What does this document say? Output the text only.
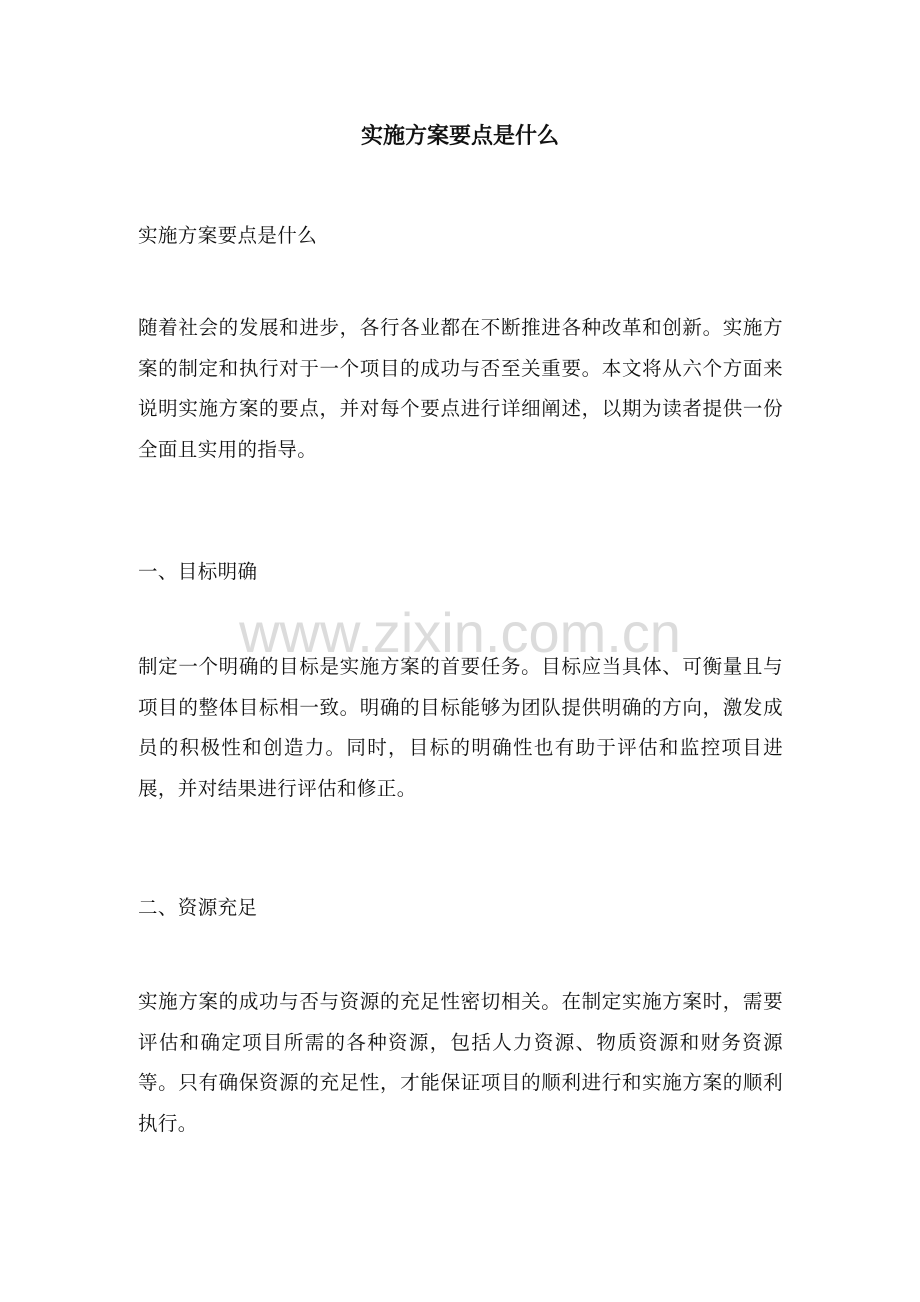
实施方案要点是什么

实施方案要点是什么

随着社会的发展和进步，各行各业都在不断推进各种改革和创新。实施方案的制定和执行对于一个项目的成功与否至关重要。本文将从六个方面来说明实施方案的要点，并对每个要点进行详细阐述，以期为读者提供一份全面且实用的指导。

一、目标明确

制定一个明确的目标是实施方案的首要任务。目标应当具体、可衡量且与项目的整体目标相一致。明确的目标能够为团队提供明确的方向，激发成员的积极性和创造力。同时，目标的明确性也有助于评估和监控项目进展，并对结果进行评估和修正。

二、资源充足

实施方案的成功与否与资源的充足性密切相关。在制定实施方案时，需要评估和确定项目所需的各种资源，包括人力资源、物质资源和财务资源等。只有确保资源的充足性，才能保证项目的顺利进行和实施方案的顺利执行。

www.zixin.com.cn
